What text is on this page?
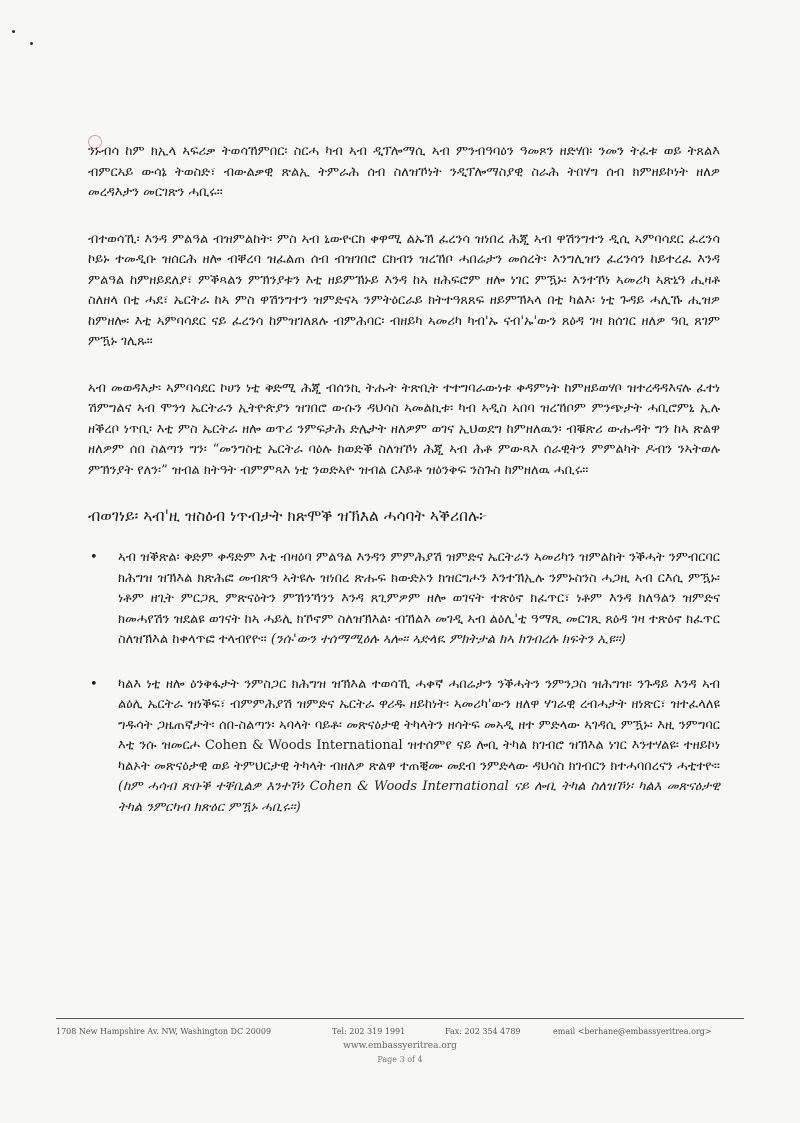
ንኑብሳ ከም ክኢላ ኣፍሪቃ ትወሳኸምበር፡ ስርሓ ካብ ኣብ ዲፕሎማሲ ኣብ ምንብዓባዕን ዓመጾን ዘድሃበ፡ ንመን ትፈቱ ወይ ትጸልእ ብምርኣይ ውሳኔ ትወስድ፣ ብውልቃዊ ጽልኢ ትምራሕ ሰብ ስለዝኾነት ንዲፕሎማስያዊ ስራሕ ትበሃግ ሰብ ክምዘይኮነት ዘለዎ መረዳእታን መርገጽን ሓቢሩ።

ብተወሳኺ፡ እንዳ ምልዓል ብዝምልከት፡ ምስ ኣብ ኒውዮርክ ቀዋሚ ልኡኽ ፈረንሳ ዝነበረ ሕጂ ኣብ ዋሽንግተን ዲሲ ኣምባሳደር ፈረንሳ ኮይኑ ተመዲቡ ዝሰርሕ ዘሎ ብቐረባ ዝፈልጠ ሰብ ብዝገበሮ ርክብን ዝረኸቦ ሓበሬታን መሰረት፡ እንግሊዝን ፈረንሳን ከይተረፈ እንዳ ምልዓል ከምዘይደለያ፣ ምቕጻልን ምኽንያቱን እቲ ዘይምኽኑይ እንዳ ከኣ ዘሕፍሮም ዘሎ ነገር ምዃኑ፡ እንተኾነ ኣመሪካ ኣጽኒዓ ሒዛቶ ስለዘላ በቲ ሓደ፣ ኤርትራ ከኣ ምስ ዋሽንግተን ዝምድናኣ ንምትዕርራይ ክትተዓጸጸፍ ዘይምኽኣላ በቲ ካልእ፡ ነቲ ጉዳይ ሓሊኹ ሒዝዎ ከምዘሎ፡ እቲ ኣምባሳደር ናይ ፈረንሳ ከምዝገለጸሉ ብምሕባር፡ ብዘይካ ኣመሪካ ካብ'ኡ ናብ'ኡ'ውን ጸዕዳ ገዛ ክሰገር ዘለዎ ዓቢ ጸገም ምዃኑ ገሊጹ።

ኣብ መወዳእታ፡ ኣምባሳደር ኮሀን ነቲ ቅድሚ ሕጂ ብሰንኪ ትሑት ትጽቢት ተተግባራውነቱ ቀዳምነት ከምዘይወሃቦ ዝተረዳዳእናሉ ፈተነ ሽምግልና ኣብ ሞንጎ ኤርትራን ኢትዮጵያን ዝገበሮ ውሱን ዳህሳስ ኣመልኪቱ፡ ካብ ኣዲስ ኣበባ ዝረኸቦም ምንጭታት ሓቢሮምኒ ኢሉ ዘቕረቦ ነጥቢ፡ እቲ ምስ ኤርትራ ዘሎ ወጥሪ ንምፍታሕ ድሌታት ዘለዎም ወገና ኢህወደግ ከምዘለዉን፡ ብቑጽሪ ውሑዳት ግን ከኣ ጽልዋ ዘለዎም ሰበ ስልጣን ግን፡ “መንግስቲ ኤርትራ ባዕሉ ክወድቕ ስለዝኾነ ሕጂ ኣብ ሕቶ ምውጻእ ሰራዊትን ምምልካት ዶብን ንኣትወሉ ምኽንያት የለን፡” ዝብል ክትዓት ብምምጻእ ነቲ ንወድኣዮ ዝብል ርእይቶ ዝዕንቅፍ ንስጉስ ከምዘለዉ ሓቢሩ።

ብወገነይ፡ ኣብ'ዚ ዝስዕብ ነጥብታት ክጽሞቕ ዝኽእል ሓሳባት ኣቕሪበሉ፦
• ኣብ ዝቕጽል፡ ቅድም ቀዳድም እቲ ብዛዕባ ምልዓል እንዳን ምምሕያሽ ዝምድና ኤርትራን ኣመሪካን ዝምልከት ንቕሓት ንምብርባር ክሕግዝ ዝኽእል ክጽሕፎ መብጽዓ ኣትዩሉ ዝነበረ ጽሑፍ ክውድኦን ክዝርግሖን እንተኽኢሉ ንምኑስንስ ሓጋዚ ኣብ ርእሲ ምዃኑ፡ ነቶም ዘጊት ምርጋጺ ምጽናዕትን ምኽንኻንን እንዳ ጸጊምዎም ዘሎ ወገናት ተጽዕኖ ክፈጥር፣ ነቶም እንዳ ክለዓልን ዝምድና ክመሓየሽን ዝደልዩ ወገናት ከኣ ሓይሊ ክኾኖም ስለዝኽእል፡ ብኸልእ መገዲ ኣብ ልዕሊ'ቲ ዓማጺ መርገጺ ጸዕዳ ገዛ ተጽዕኖ ክፈጥር ስለዝኽእል ከቀላጥፎ ተላብየዮ። (ንሱ'ውን ተሰማሚዕሉ ኣሎ። ኣድላዪ ምክትታል ክኣ ክገብረሉ ክፍትን ኢዩ።)
• ካልእ ነቲ ዘሎ ዕንቅፋታት ንምስጋር ክሕግዝ ዝኽእል ተወሳኺ ሓቀኛ ሓበሬታን ንቕሓትን ንምንጋስ ዝሕግዝ፡ ንጉዳይ እንዳ ኣብ ልዕሊ ኤርትራ ዝነቕፍ፣ ብምምሕያሽ ዝምድና ኤርትራ ዋሪዱ ዘይከነት፡ ኣመሪካ'ውን ዘለዋ ሃገራዊ ረብሓታት ዘነጽር፣ ዝተፈላለዩ ግዱሳት ጋዜጠኛታት፡ ሰበ-ስልጣን፡ ኣባላት ባይቶ፡ መጽናዕታዊ ትካላትን ዘሳትፍ መኣዲ ዘተ ምድላው ኣገዳሲ ምዃኑ፡ እዚ ንምግባር እቲ ንሱ ዝመርሖ Cohen & Woods International ዝተሰምየ ናይ ሎቢ ትካል ክገብሮ ዝኽእል ነገር እንተሃልዩ፡ ተዘይኮነ ካልኦት መጽናዕታዊ ወይ ትምህርታዊ ትካላት ብዘለዎ ጽልዋ ተጠቒሙ መደብ ንምድላው ዳህሳስ ክገብርን ክተሓባበረናን ሓቲተዮ። (ከም ሓሳብ ጽቡቕ ተቐቢልዎ እንተኾነ Cohen & Woods International ናይ ሎቢ ትካል ስለዝኾነ፡ ካልእ መጽናዕታዊ ትካል ንምርካብ ክጽዕር ምዃኑ ሓቢሩ።)
1708 New Hampshire Av. NW, Washington DC 20009	Tel: 202 319 1991	Fax: 202 354 4789	email <berhane@embassyeritrea.org>
www.embassyeritrea.org
Page 3 of 4
